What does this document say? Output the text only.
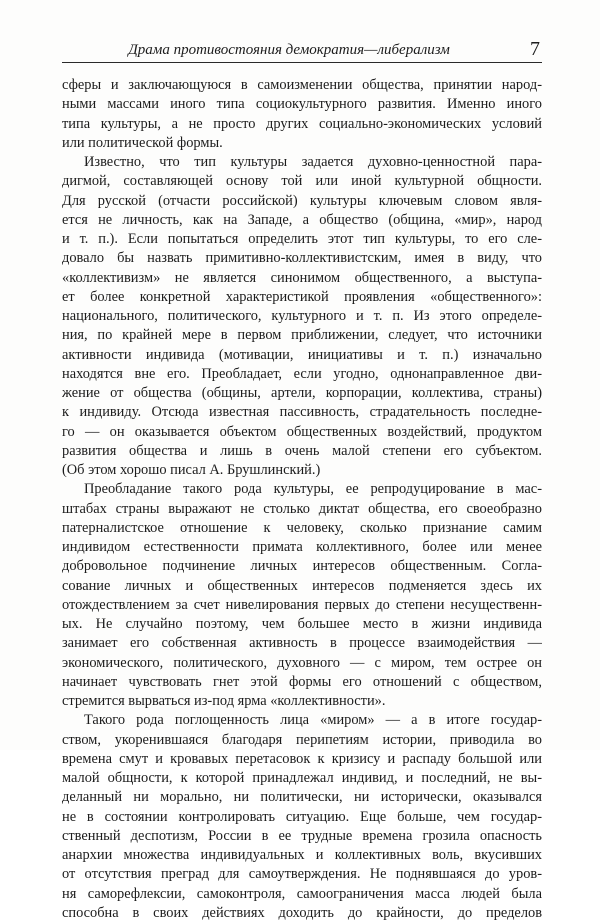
Драма противостояния демократия—либерализм	7
сферы и заключающуюся в самоизменении общества, принятии народ-
ными массами иного типа социокультурного развития. Именно иного
типа культуры, а не просто других социально-экономических условий
или политической формы.
Известно, что тип культуры задается духовно-ценностной пара-
дигмой, составляющей основу той или иной культурной общности.
Для русской (отчасти российской) культуры ключевым словом явля-
ется не личность, как на Западе, а общество (община, «мир», народ
и т. п.). Если попытаться определить этот тип культуры, то его сле-
довало бы назвать примитивно-коллективистским, имея в виду, что
«коллективизм» не является синонимом общественного, а выступа-
ет более конкретной характеристикой проявления «общественного»:
национального, политического, культурного и т. п. Из этого определе-
ния, по крайней мере в первом приближении, следует, что источники
активности индивида (мотивации, инициативы и т. п.) изначально
находятся вне его. Преобладает, если угодно, однонаправленное дви-
жение от общества (общины, артели, корпорации, коллектива, страны)
к индивиду. Отсюда известная пассивность, страдательность последне-
го — он оказывается объектом общественных воздействий, продуктом
развития общества и лишь в очень малой степени его субъектом.
(Об этом хорошо писал А. Брушлинский.)
Преобладание такого рода культуры, ее репродуцирование в мас-
штабах страны выражают не столько диктат общества, его своеобразно
патерналистское отношение к человеку, сколько признание самим
индивидом естественности примата коллективного, более или менее
добровольное подчинение личных интересов общественным. Согла-
сование личных и общественных интересов подменяется здесь их
отождествлением за счет нивелирования первых до степени несущественн-
ых. Не случайно поэтому, чем большее место в жизни индивида
занимает его собственная активность в процессе взаимодействия —
экономического, политического, духовного — с миром, тем острее он
начинает чувствовать гнет этой формы его отношений с обществом,
стремится вырваться из-под ярма «коллективности».
Такого рода поглощенность лица «миром» — а в итоге государ-
ством, укоренившаяся благодаря перипетиям истории, приводила во
времена смут и кровавых перетасовок к кризису и распаду большой или
малой общности, к которой принадлежал индивид, и последний, не вы-
деланный ни морально, ни политически, ни исторически, оказывался
не в состоянии контролировать ситуацию. Еще больше, чем государ-
ственный деспотизм, России в ее трудные времена грозила опасность
анархии множества индивидуальных и коллективных воль, вкусивших
от отсутствия преград для самоутверждения. Не поднявшаяся до уров-
ня саморефлексии, самоконтроля, самоограничения масса людей была
способна в своих действиях доходить до крайности, до пределов
